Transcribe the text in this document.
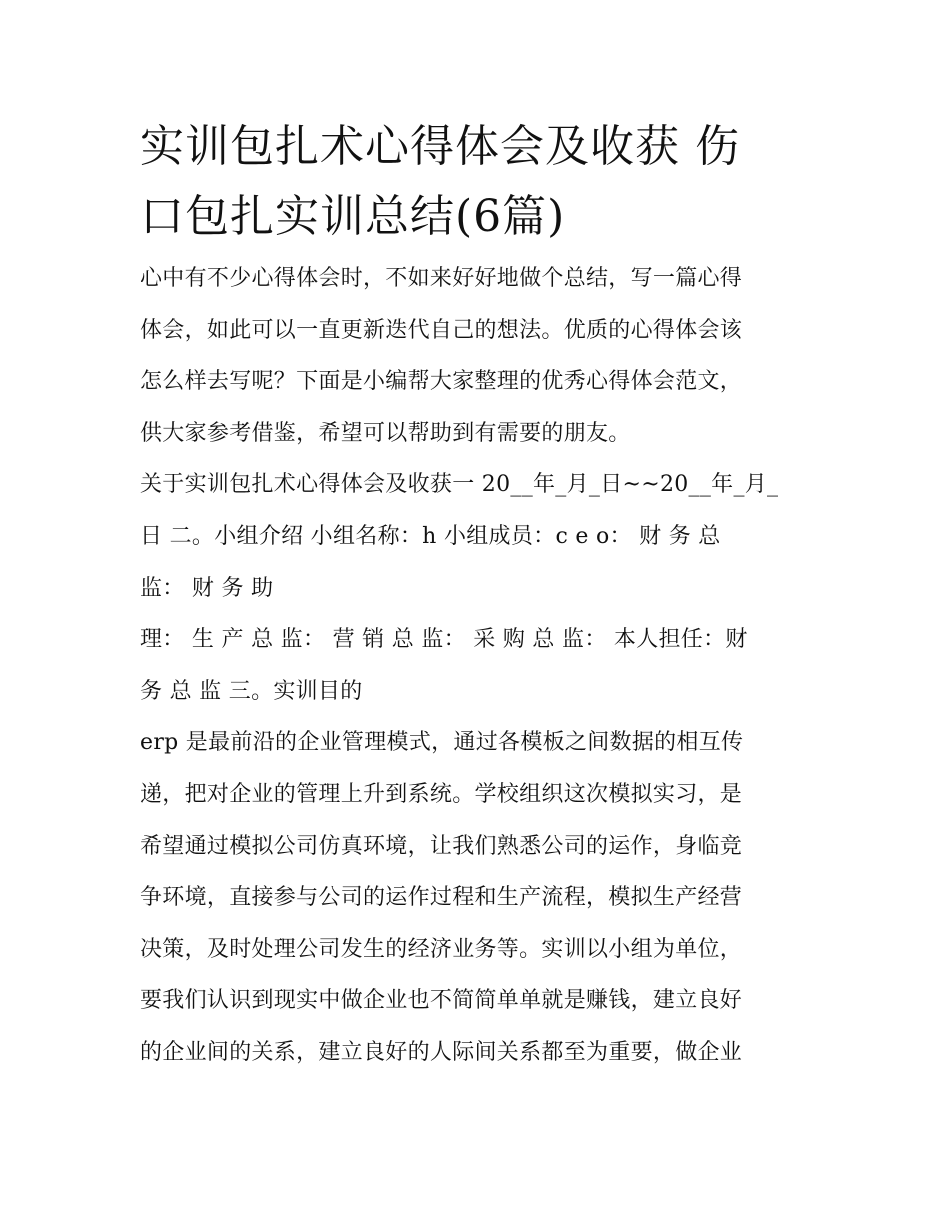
实训包扎术心得体会及收获 伤
口包扎实训总结(6篇)
心中有不少心得体会时，不如来好好地做个总结，写一篇心得
体会，如此可以一直更新迭代自己的想法。优质的心得体会该
怎么样去写呢？下面是小编帮大家整理的优秀心得体会范文，
供大家参考借鉴，希望可以帮助到有需要的朋友。
关于实训包扎术心得体会及收获一 20__年_月_日~~20__年_月_
日 二。小组介绍 小组名称：h 小组成员：c e o： 财 务 总
监： 财 务 助
理： 生 产 总 监： 营 销 总 监： 采 购 总 监： 本人担任：财
务 总 监 三。实训目的
erp 是最前沿的企业管理模式，通过各模板之间数据的相互传
递，把对企业的管理上升到系统。学校组织这次模拟实习，是
希望通过模拟公司仿真环境，让我们熟悉公司的运作，身临竞
争环境，直接参与公司的运作过程和生产流程，模拟生产经营
决策，及时处理公司发生的经济业务等。实训以小组为单位，
要我们认识到现实中做企业也不简简单单就是赚钱，建立良好
的企业间的关系，建立良好的人际间关系都至为重要，做企业
